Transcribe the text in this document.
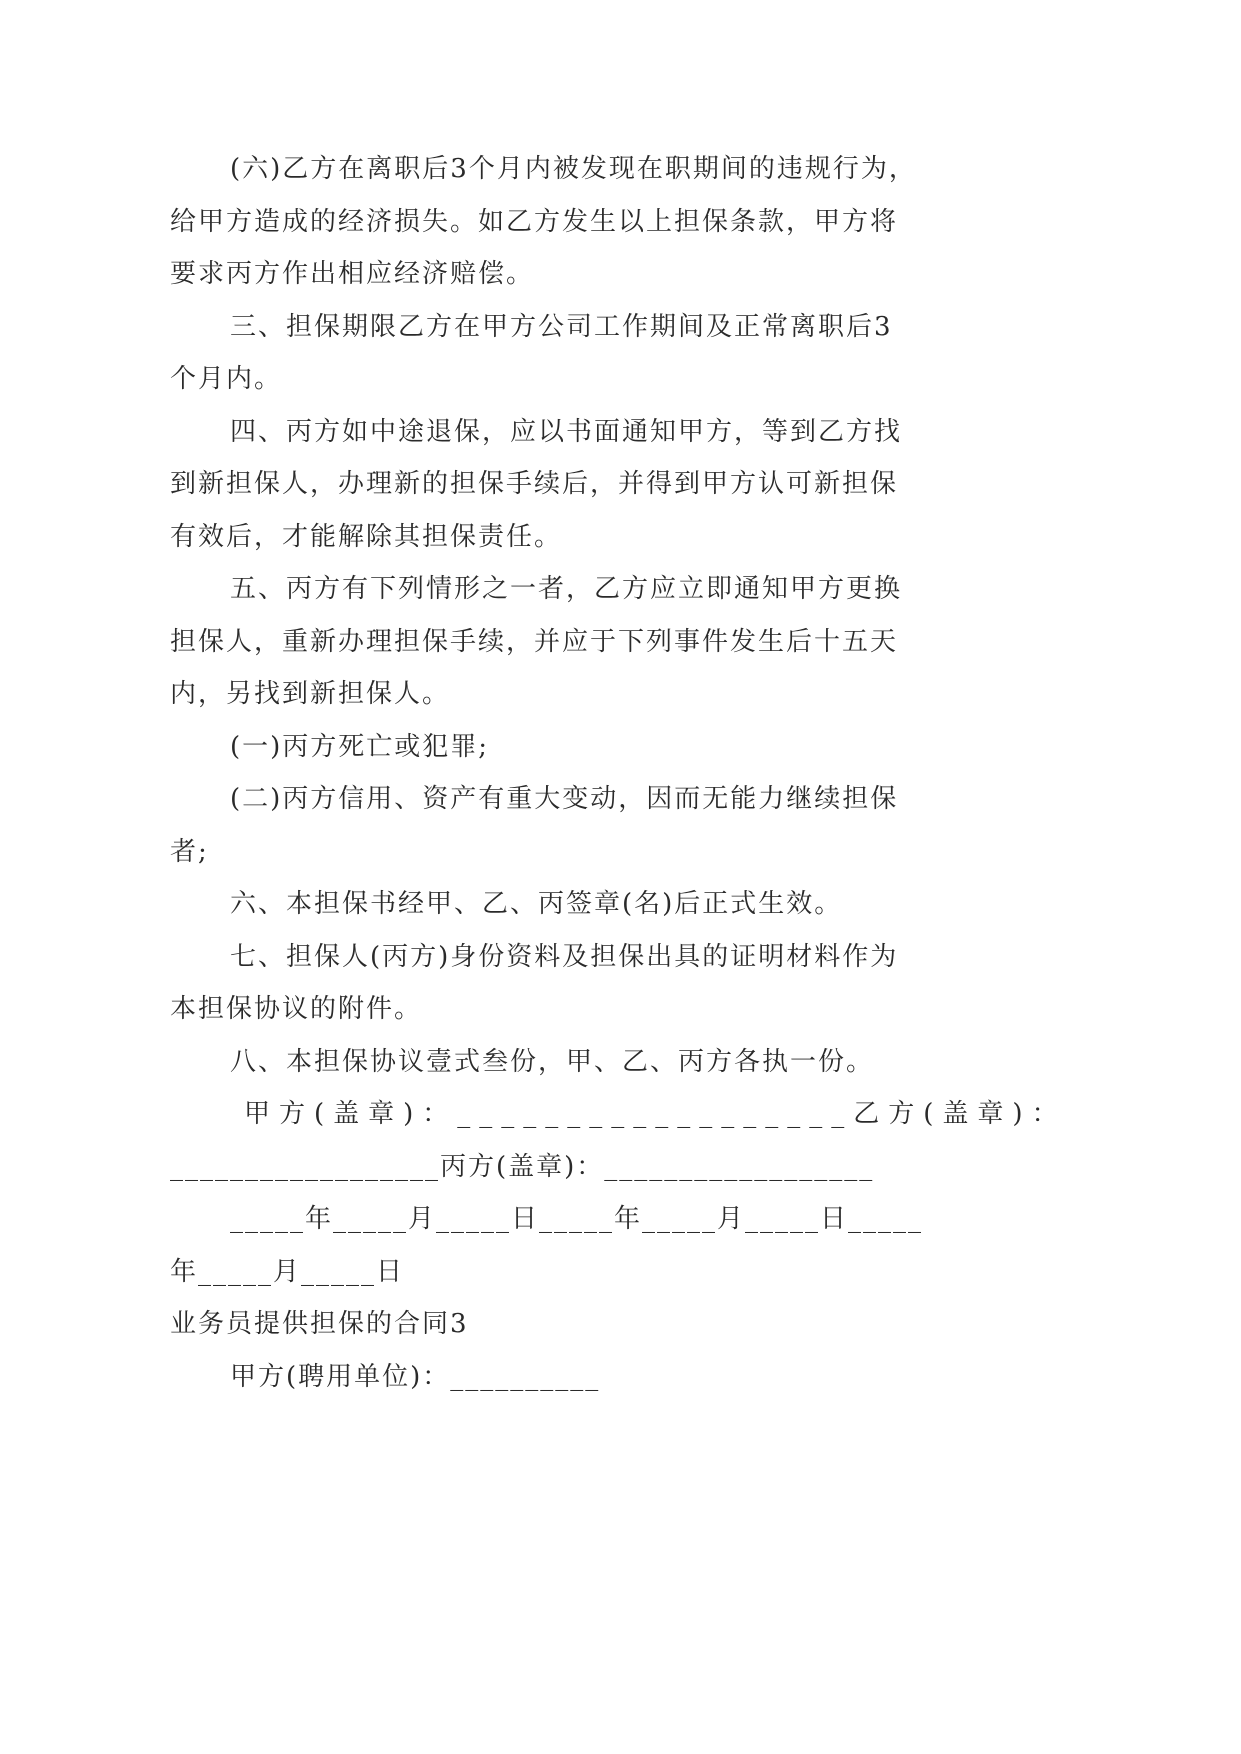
(六)乙方在离职后3个月内被发现在职期间的违规行为，
给甲方造成的经济损失。如乙方发生以上担保条款，甲方将
要求丙方作出相应经济赔偿。
三、担保期限乙方在甲方公司工作期间及正常离职后3
个月内。
四、丙方如中途退保，应以书面通知甲方，等到乙方找
到新担保人，办理新的担保手续后，并得到甲方认可新担保
有效后，才能解除其担保责任。
五、丙方有下列情形之一者，乙方应立即通知甲方更换
担保人，重新办理担保手续，并应于下列事件发生后十五天
内，另找到新担保人。
(一)丙方死亡或犯罪;
(二)丙方信用、资产有重大变动，因而无能力继续担保
者;
六、本担保书经甲、乙、丙签章(名)后正式生效。
七、担保人(丙方)身份资料及担保出具的证明材料作为
本担保协议的附件。
八、本担保协议壹式叁份，甲、乙、丙方各执一份。
甲方(盖章)：__________________乙方(盖章)：
__________________丙方(盖章)：__________________
_____年_____月_____日_____年_____月_____日_____
年_____月_____日
业务员提供担保的合同3
甲方(聘用单位)：__________
